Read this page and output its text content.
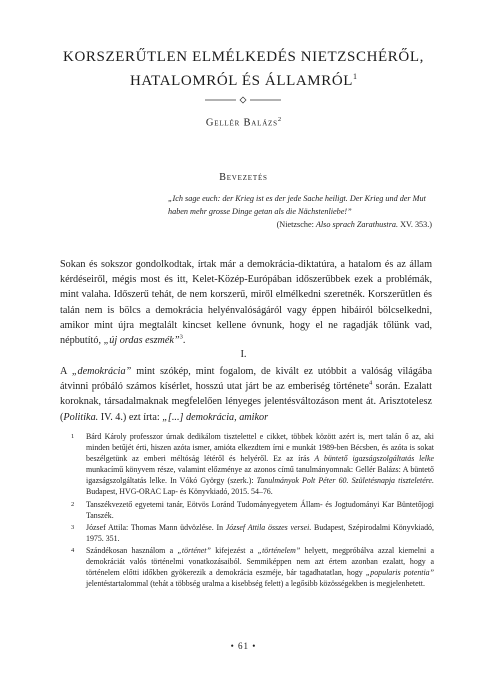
KORSZERŰTLEN ELMÉLKEDÉS NIETZSCHÉRŐL,
HATALOMRÓL ÉS ÁLLAMRÓL$^1$
Gellér Balázs$^2$
Bevezetés
„Ich sage euch: der Krieg ist es der jede Sache heiligt. Der Krieg und der Mut haben mehr grosse Dinge getan als die Nächstenliebe!”
(Nietzsche: Also sprach Zarathustra. XV. 353.)

Sokan és sokszor gondolkodtak, írtak már a demokrácia-diktatúra, a hatalom és az állam kérdéseiről, mégis most és itt, Kelet-Közép-Európában időszerűbbek ezek a problémák, mint valaha. Időszerű tehát, de nem korszerű, miről elmélkedni szeretnék. Korszerűtlen és talán nem is bölcs a demokrácia helyénvalóságáról vagy éppen hibáiról bölcselkedni, amikor mint újra megtalált kincset kellene óvnunk, hogy el ne ragadják tőlünk vad, népbutító, „új ordas eszmék”$^3$.

I.

A „demokrácia” mint szókép, mint fogalom, de kivált ez utóbbit a valóság világába átvinni próbáló számos kísérlet, hosszú utat járt be az emberiség története$^4$ során. Ezalatt koroknak, társadalmaknak megfelelően lényeges jelentésváltozáson ment át. Arisztotelesz (Politika. IV. 4.) ezt írta: „[...] demokrácia, amikor

1 Bárd Károly professzor úrnak dedikálom tisztelettel e cikket, többek között azért is, mert talán ő az, aki minden betűjét érti, hiszen azóta ismer, amióta elkezdtem írni e munkát 1989-ben Bécsben, és azóta is sokat beszélgetünk az emberi méltóság létéről és helyéről. Ez az írás A büntető igazságszolgáltatás lelke munkacímű könyvem része, valamint előzménye az azonos című tanulmányomnak: Gellér Balázs: A büntető igazságszolgáltatás lelke. In Vókó György (szerk.): Tanulmányok Polt Péter 60. Születésnapja tiszteletére. Budapest, HVG-ORAC Lap- és Könyvkiadó, 2015. 54–76.

2 Tanszékvezető egyetemi tanár, Eötvös Loránd Tudományegyetem Állam- és Jogtudományi Kar Büntetőjogi Tanszék.

3 József Attila: Thomas Mann üdvözlése. In József Attila összes versei. Budapest, Szépirodalmi Könyvkiadó, 1975. 351.

4 Szándékosan használom a „történet” kifejezést a „történelem” helyett, megpróbálva azzal kiemelni a demokráciát valós történelmi vonatkozásaiból. Semmiképpen nem azt értem azonban ezalatt, hogy a történelem előtti időkben gyökerezik a demokrácia eszméje, bár tagadhatatlan, hogy „popularis potentia” jelentéstartalommal (tehát a többség uralma a kisebbség felett) a legősibb közösségekben is megjelenhetett.

• 61 •
